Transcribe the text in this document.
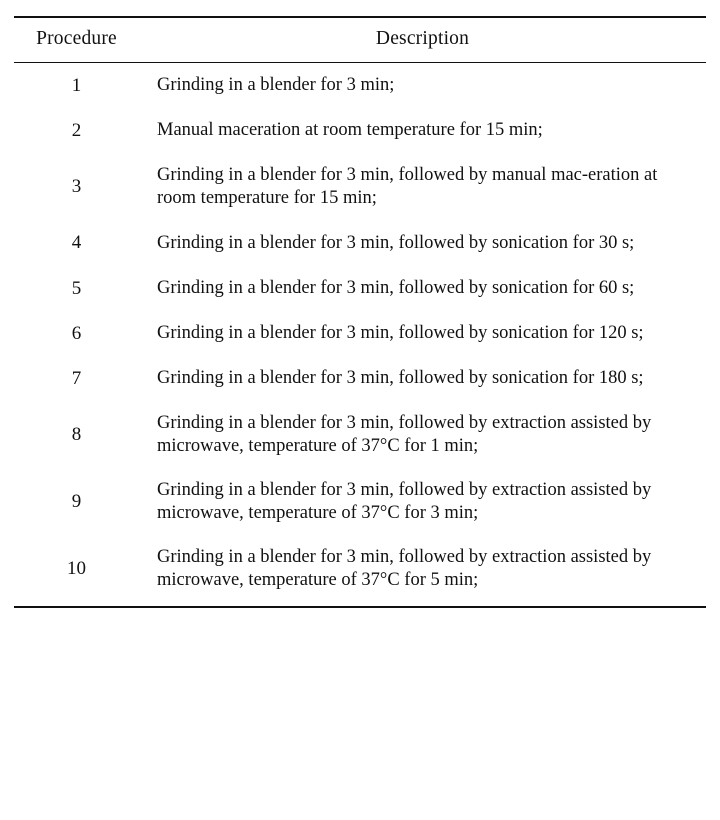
Procedure	Description
1	Grinding in a blender for 3 min;
2	Manual maceration at room temperature for 15 min;
3	Grinding in a blender for 3 min, followed by manual mac-eration at room temperature for 15 min;
4	Grinding in a blender for 3 min, followed by sonication for 30 s;
5	Grinding in a blender for 3 min, followed by sonication for 60 s;
6	Grinding in a blender for 3 min, followed by sonication for 120 s;
7	Grinding in a blender for 3 min, followed by sonication for 180 s;
8	Grinding in a blender for 3 min, followed by extraction assisted by microwave, temperature of 37°C for 1 min;
9	Grinding in a blender for 3 min, followed by extraction assisted by microwave, temperature of 37°C for 3 min;
10	Grinding in a blender for 3 min, followed by extraction assisted by microwave, temperature of 37°C for 5 min;
